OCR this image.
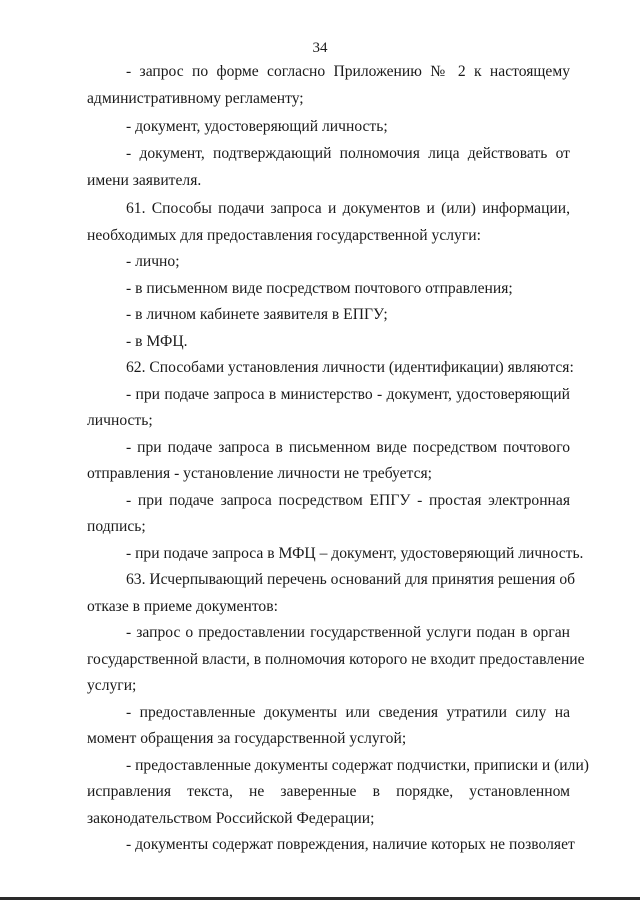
34
- запрос по форме согласно Приложению № 2 к настоящему
административному регламенту;
- документ, удостоверяющий личность;
- документ, подтверждающий полномочия лица действовать от
имени заявителя.
61. Способы подачи запроса и документов и (или) информации,
необходимых для предоставления государственной услуги:
- лично;
- в письменном виде посредством почтового отправления;
- в личном кабинете заявителя в ЕПГУ;
- в МФЦ.
62. Способами установления личности (идентификации) являются:
- при подаче запроса в министерство - документ, удостоверяющий
личность;
- при подаче запроса в письменном виде посредством почтового
отправления - установление личности не требуется;
- при подаче запроса посредством ЕПГУ - простая электронная
подпись;
- при подаче запроса в МФЦ – документ, удостоверяющий личность.
63. Исчерпывающий перечень оснований для принятия решения об
отказе в приеме документов:
- запрос о предоставлении государственной услуги подан в орган
государственной власти, в полномочия которого не входит предоставление
услуги;
- предоставленные документы или сведения утратили силу на
момент обращения за государственной услугой;
- предоставленные документы содержат подчистки, приписки и (или)
исправления текста, не заверенные в порядке, установленном
законодательством Российской Федерации;
- документы содержат повреждения, наличие которых не позволяет
